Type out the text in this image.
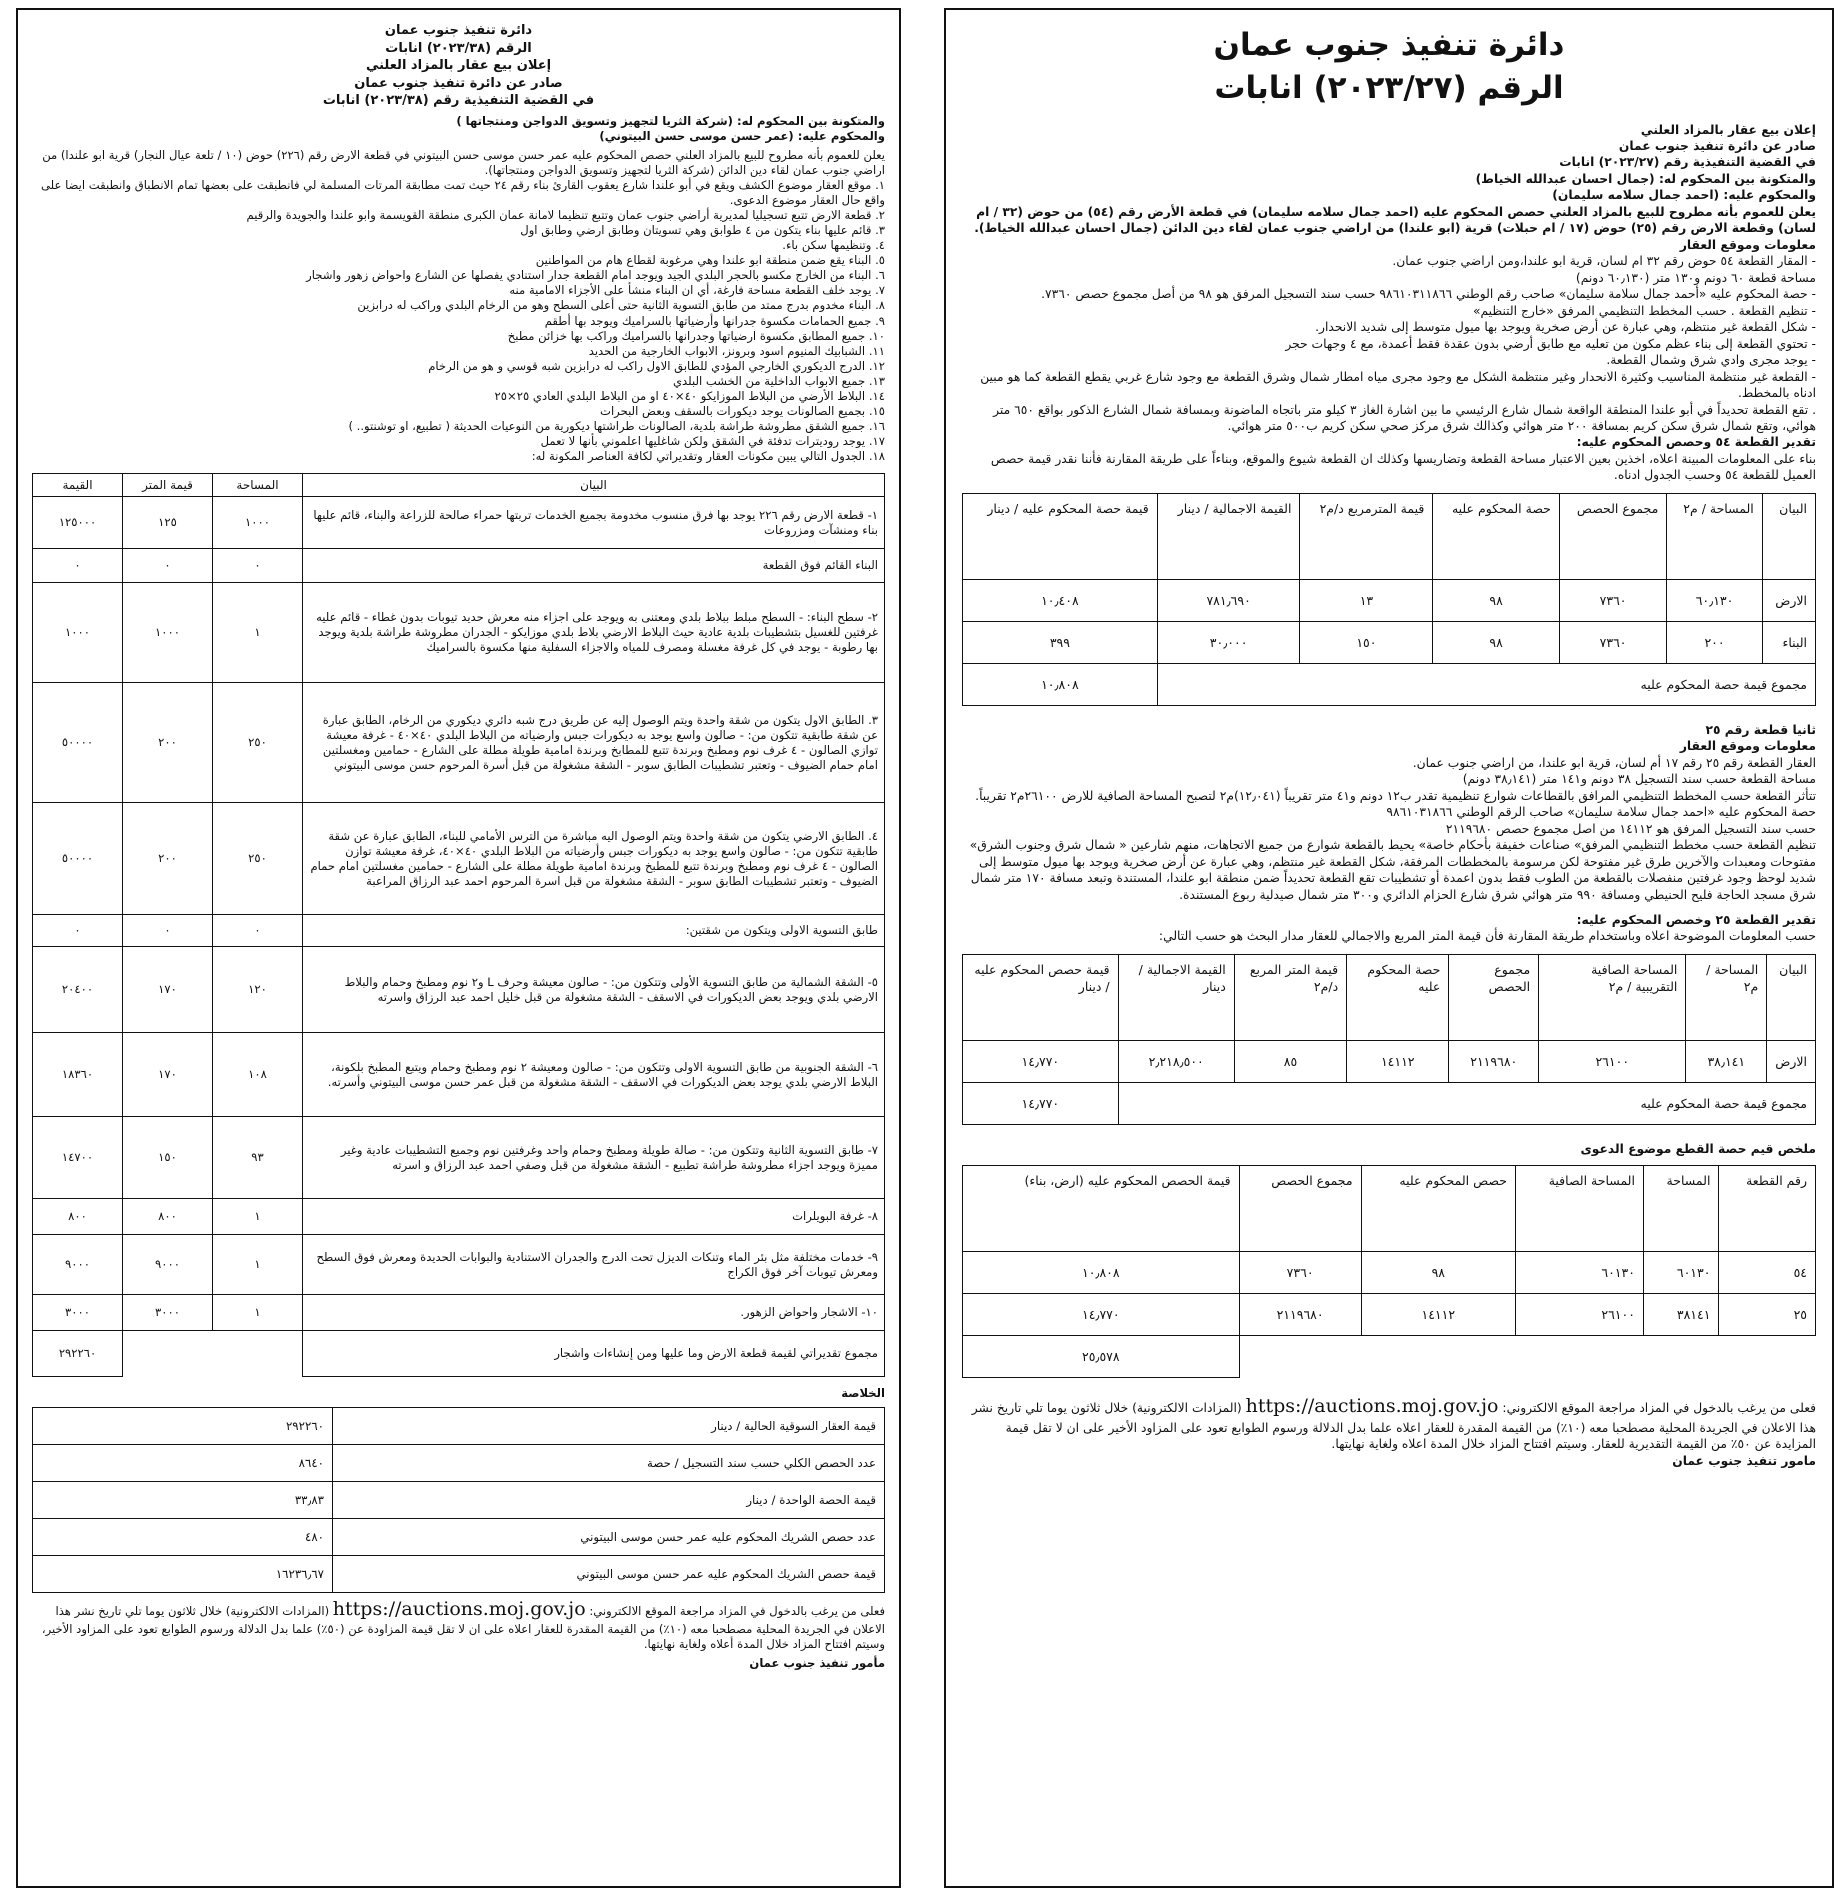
دائرة تنفيذ جنوب عمان
الرقم (٢٠٢٣/٢٧) انابات
إعلان بيع عقار بالمزاد العلني
صادر عن دائرة تنفيذ جنوب عمان
في القضية التنفيذية رقم (٢٠٢٣/٢٧) انابات
والمتكونة بين المحكوم له: (جمال احسان عبدالله الخياط)
والمحكوم عليه: (احمد جمال سلامه سليمان)
يعلن للعموم بأنه مطروح للبيع بالمزاد العلني حصص المحكوم عليه (احمد جمال سلامه سليمان) في قطعة الأرض رقم (٥٤) من حوض (٣٢ / ام لسان) وقطعة الارض رقم (٢٥) حوض (١٧ / ام حبلات) قرية (ابو علندا) من اراضي جنوب عمان لقاء دين الدائن (جمال احسان عبدالله الخياط).
معلومات وموقع العقار
- المقار القطعة ٥٤ حوض رقم ٣٢ ام لسان، قرية ابو علندا،ومن اراضي جنوب عمان.
مساحة قطعة ٦٠ دونم و١٣٠ متر (٦٠٫١٣٠ دونم)
- حصة المحكوم عليه «أحمد جمال سلامة سليمان» صاحب رقم الوطني ٩٨٦١٠٣١١٨٦٦ حسب سند التسجيل المرفق هو ٩٨ من أصل مجموع حصص ٧٣٦٠.
- تنظيم القطعة . حسب المخطط التنظيمي المرفق «خارج التنظيم»
- شكل القطعة غير منتظم، وهي عبارة عن أرض صخرية ويوجد بها ميول متوسط إلى شديد الانحدار.
- تحتوي القطعة إلى بناء عظم مكون من تعليه مع طابق أرضي بدون عقدة فقط أعمدة، مع ٤ وجهات حجر
- يوجد مجرى وادي شرق وشمال القطعة.
- القطعة غير منتظمة المناسيب وكثيرة الانحدار وغير منتظمة الشكل مع وجود مجرى مياه امطار شمال وشرق القطعة مع وجود شارع غربي يقطع القطعة كما هو مبين ادناه بالمخطط.
. تقع القطعة تحديداً في أبو علندا المنطقة الواقعة شمال شارع الرئيسي ما بين اشارة الغاز ٣ كيلو متر باتجاه الماضونة وبمسافة شمال الشارع الذكور بواقع ٦٥٠ متر هوائي، وتقع شمال شرق سكن كريم بمسافة ٢٠٠ متر هوائي وكذالك شرق مركز صحي سكن كريم ب٥٠٠ متر هوائي.
تقدير القطعة ٥٤ وحصص المحكوم عليه:
بناء على المعلومات المبينة اعلاه، اخذين بعين الاعتبار مساحة القطعة وتضاريسها وكذلك ان القطعة شيوع والموقع، وبناءاً على طريقة المقارنة فأننا نقدر قيمة حصص العميل للقطعة ٥٤ وحسب الجدول ادناه.
البيان	المساحة / م٢	مجموع الحصص	حصة المحكوم عليه	قيمة المترمربع د/م٢	القيمة الاجمالية / دينار	قيمة حصة المحكوم عليه / دينار
الارض	٦٠٫١٣٠	٧٣٦٠	٩٨	١٣	٧٨١٫٦٩٠	١٠٫٤٠٨
البناء	٢٠٠	٧٣٦٠	٩٨	١٥٠	٣٠٫٠٠٠	٣٩٩
مجموع قيمة حصة المحكوم عليه						١٠٫٨٠٨
ثانيا قطعة رقم ٢٥
معلومات وموقع العقار
العقار القطعة رقم ٢٥ رقم ١٧ أم لسان، قرية ابو علندا، من اراضي جنوب عمان.
مساحة القطعة حسب سند التسجيل ٣٨ دونم و١٤١ متر (٣٨٫١٤١ دونم)
تتأثر القطعة حسب المخطط التنظيمي المرافق بالقطاعات شوارع تنظيمية تقدر ب١٢ دونم و٤١ متر تقريباً (١٢٫٠٤١)م٢ لتصبح المساحة الصافية للارض ٢٦١٠٠م٢ تقريباً.
حصة المحكوم عليه «احمد جمال سلامة سليمان» صاحب الرقم الوطني ٩٨٦١٠٣١٨٦٦
حسب سند التسجيل المرفق هو ١٤١١٢ من اصل مجموع حصص ٢١١٩٦٨٠
تنظيم القطعة حسب مخطط التنظيمي المرفق» صناعات خفيفة بأحكام خاصة» يحيط بالقطعة شوارع من جميع الاتجاهات، منهم شارعين « شمال شرق وجنوب الشرق» مفتوحات ومعبدات والآخرين طرق غير مفتوحة لكن مرسومة بالمخططات المرفقة، شكل القطعة غير منتظم، وهي عبارة عن أرض صخرية ويوجد بها ميول متوسط إلى شديد لوحظ وجود غرفتين منفصلات بالقطعة من الطوب فقط بدون اعمدة أو تشطيبات تقع القطعة تحديداً ضمن منطقة ابو علندا، المستندة وتبعد مسافة ١٧٠ متر شمال شرق مسجد الحاجة فليح الحنيطي ومسافة ٩٩٠ متر هوائي شرق شارع الحزام الدائري و٣٠٠ متر شمال صيدلية ربوع المستندة.
تقدير القطعة ٢٥ وخصص المحكوم عليه:
حسب المعلومات الموضوحة اعلاه وباستخدام طريقة المقارنة فأن قيمة المتر المربع والاجمالي للعقار مدار البحث هو حسب التالي:
البيان	المساحة / م٢	المساحة الصافية التقريبية / م٢	مجموع الحصص	حصة المحكوم عليه	قيمة المتر المربع د/م٢	القيمة الاجمالية / دينار	قيمة حصص المحكوم عليه / دينار
الارض	٣٨٫١٤١	٢٦١٠٠	٢١١٩٦٨٠	١٤١١٢	٨٥	٢٫٢١٨٫٥٠٠	١٤٫٧٧٠
مجموع قيمة حصة المحكوم عليه							١٤٫٧٧٠
ملخص قيم حصة القطع موضوع الدعوى
رقم القطعة	المساحة	المساحة الصافية	حصص المحكوم عليه	مجموع الحصص	قيمة الحصص المحكوم عليه (ارض، بناء)
٥٤	٦٠١٣٠	٦٠١٣٠	٩٨	٧٣٦٠	١٠٫٨٠٨
٢٥	٣٨١٤١	٢٦١٠٠	١٤١١٢	٢١١٩٦٨٠	١٤٫٧٧٠
					٢٥٫٥٧٨
فعلى من يرغب بالدخول في المزاد مراجعة الموقع الالكتروني: https://auctions.moj.gov.jo (المزادات الالكترونية) خلال ثلاثون يوما تلي تاريخ نشر هذا الاعلان في الجريدة المحلية مصطحبا معه (١٠٪) من القيمة المقدرة للعقار اعلاه علما بدل الدلالة ورسوم الطوابع تعود على المزاود الأخير على ان لا تقل قيمة المزايدة عن ٥٠٪ من القيمة التقديرية للعقار. وسيتم افتتاح المزاد خلال المدة اعلاه ولغاية نهايتها.
مامور تنفيذ جنوب عمان
دائرة تنفيذ جنوب عمان
الرقم (٢٠٢٣/٣٨) انابات
إعلان بيع عقار بالمزاد العلني
صادر عن دائرة تنفيذ جنوب عمان
في القضية التنفيذية رقم (٢٠٢٣/٣٨) انابات
والمتكونة بين المحكوم له: (شركة الثريا لتجهيز وتسويق الدواجن ومنتجاتها )
والمحكوم عليه: (عمر حسن موسى حسن البيتوني)
يعلن للعموم بأنه مطروح للبيع بالمزاد العلني حصص المحكوم عليه عمر حسن موسى حسن البيتوني في قطعة الارض رقم (٢٢٦) حوض (١٠ / تلعة عيال النجار) قرية ابو علندا) من اراضي جنوب عمان لقاء دين الدائن (شركة الثريا لتجهيز وتسويق الدواجن ومنتجاتها).
١. موقع العقار موضوع الكشف ويقع في أبو علندا شارع يعقوب القارئ بناء رقم ٢٤ حيث تمت مطابقة المرتات المسلمة لي فانطبقت على بعضها تمام الانطباق وانطبقت ايضا على واقع حال العقار موضوع الدعوى.
٢. قطعة الارض تتبع تسجيليا لمديرية أراضي جنوب عمان وتتبع تنظيما لامانة عمان الكبرى منطقة القويسمة وابو علندا والجويدة والرقيم
٣. قائم عليها بناء يتكون من ٤ طوابق وهي تسويتان وطابق ارضي وطابق اول
٤. وتنظيمها سكن باء.
٥. البناء يقع ضمن منطقة ابو علندا وهي مرغوبة لقطاع هام من المواطنين
٦. البناء من الخارج مكسو بالحجر البلدي الجيد ويوجد امام القطعة جدار استنادي يفصلها عن الشارع واحواض زهور واشجار
٧. يوجد خلف القطعة مساحة فارغة، أي ان البناء منشأ على الأجزاء الامامية منه
٨. البناء مخدوم بدرج ممتد من طابق التسوية الثانية حتى أعلى السطح وهو من الرخام البلدي وراكب له درابزين
٩. جميع الحمامات مكسوة جدرانها وأرضياتها بالسراميك ويوجد بها أطقم
١٠. جميع المطابق مكسوة ارضياتها وجدرانها بالسراميك وراكب بها خزائن مطبخ
١١. الشبابيك المنيوم اسود وبرونز، الابواب الخارجية من الحديد
١٢. الدرج الديكوري الخارجي المؤدي للطابق الاول راكب له درابزين شبه قوسي و هو من الرخام
١٣. جميع الابواب الداخلية من الخشب البلدي
١٤. البلاط الأرضي من البلاط الموزايكو ٤٠×٤٠ او من البلاط البلدي العادي ٢٥×٢٥
١٥. بجميع الصالونات يوجد ديكورات بالسقف وبعض البحرات
١٦. جميع الشقق مطروشة طراشة بلدية، الصالونات طراشتها ديكورية من النوعيات الحديثة ( تطبيع، او توشنتو.. )
١٧. يوجد روديترات تدفئة في الشقق ولكن شاغليها اعلموني بأنها لا تعمل
١٨. الجدول التالي يبين مكونات العقار وتقديراتي لكافة العناصر المكونة له:
البيان	المساحة	قيمة المتر	القيمة
١- قطعة الارض رقم ٢٢٦ يوجد بها فرق منسوب مخدومة بجميع الخدمات تربتها حمراء صالحة للزراعة والبناء، قائم عليها بناء ومنشآت ومزروعات	١٠٠٠	١٢٥	١٢٥٠٠٠
البناء القائم فوق القطعة	٠	٠	٠
٢- سطح البناء: - السطح مبلط ببلاط بلدي ومعتنى به ويوجد على اجزاء منه معرش حديد تيوبات بدون غطاء - قائم عليه غرفتين للغسيل بتشطيبات بلدية عادية حيث البلاط الارضي بلاط بلدي موزايكو - الجدران مطروشة طراشة بلدية ويوجد بها رطوبة - يوجد في كل غرفة مغسلة ومصرف للمياه والاجزاء السفلية منها مكسوة بالسراميك	١	١٠٠٠	١٠٠٠
٣. الطابق الاول يتكون من شقة واحدة ويتم الوصول إليه عن طريق درج شبه دائري ديكوري من الرخام، الطابق عبارة عن شقة طابقية تتكون من: - صالون واسع يوجد به ديكورات جبس وارضياته من البلاط البلدي ٤٠×٤٠ - غرفة معيشة توازي الصالون - ٤ غرف نوم ومطبخ وبرندة تتبع للمطابخ وبرندة امامية طويلة مطلة على الشارع - حمامين ومغسلتين امام حمام الضيوف - وتعتبر تشطيبات الطابق سوبر - الشقة مشغولة من قبل أسرة المرحوم حسن موسى البيتوني	٢٥٠	٢٠٠	٥٠٠٠٠
٤. الطابق الارضي يتكون من شقة واحدة ويتم الوصول اليه مباشرة من الترس الأمامي للبناء، الطابق عبارة عن شقة طابقية تتكون من: - صالون واسع يوجد به ديكورات جبس وأرضياته من البلاط البلدي ٤٠×٤٠، غرفة معيشة توازن الصالون - ٤ غرف نوم ومطبخ وبرندة تتبع للمطبخ وبرندة امامية طويلة مطلة على الشارع - حمامين مغسلتين امام حمام الضيوف - وتعتبر تشطيبات الطابق سوبر - الشقة مشغولة من قبل اسرة المرحوم احمد عبد الرزاق المراعبة	٢٥٠	٢٠٠	٥٠٠٠٠
طابق التسوية الاولى ويتكون من شقتين:	٠	٠	٠
٥- الشقة الشمالية من طابق التسوية الأولى وتتكون من: - صالون معيشة وحرف L و٢ نوم ومطبخ وحمام والبلاط الارضي بلدي ويوجد بعض الديكورات في الاسقف - الشقة مشغولة من قبل خليل احمد عبد الرزاق واسرته	١٢٠	١٧٠	٢٠٤٠٠
٦- الشقة الجنوبية من طابق التسوية الاولى وتتكون من: - صالون ومعيشة ٢ نوم ومطبخ وحمام ويتبع المطبخ بلكونة، البلاط الارضي بلدي يوجد بعض الديكورات في الاسقف - الشقة مشغولة من قبل عمر حسن موسى البيتوني وأسرته.	١٠٨	١٧٠	١٨٣٦٠
٧- طابق التسوية الثانية وتتكون من: - صالة طويلة ومطبخ وحمام واحد وغرفتين نوم وجميع التشطيبات عادية وغير مميزة ويوجد اجزاء مطروشة طراشة تطبيع - الشقة مشغولة من قبل وصفي احمد عبد الرزاق و اسرته	٩٣	١٥٠	١٤٧٠٠
٨- غرفة البويلرات	١	٨٠٠	٨٠٠
٩- خدمات مختلفة مثل بئر الماء وتنكات الديزل تحت الدرج والجدران الاستنادية والبوابات الحديدة ومعرش فوق السطح ومعرش تيوبات آخر فوق الكراج	١	٩٠٠٠	٩٠٠٠
١٠- الاشجار واحواض الزهور.	١	٣٠٠٠	٣٠٠٠
مجموع تقديراتي لقيمة قطعة الارض وما عليها ومن إنشاءات واشجار			٢٩٢٢٦٠
الخلاصة
قيمة العقار السوقية الحالية / دينار	٢٩٢٢٦٠
عدد الحصص الكلي حسب سند التسجيل / حصة	٨٦٤٠
قيمة الحصة الواحدة / دينار	٣٣٫٨٣
عدد حصص الشريك المحكوم عليه عمر حسن موسى البيتوني	٤٨٠
قيمة حصص الشريك المحكوم عليه عمر حسن موسى البيتوني	١٦٢٣٦٫٦٧
فعلى من يرغب بالدخول في المزاد مراجعة الموقع الالكتروني: https://auctions.moj.gov.jo (المزادات الالكترونية) خلال ثلاثون يوما تلي تاريخ نشر هذا الاعلان في الجريدة المحلية مصطحبا معه (١٠٪) من القيمة المقدرة للعقار اعلاه على ان لا تقل قيمة المزاودة عن (٥٠٪) علما بدل الدلالة ورسوم الطوابع تعود على المزاود الأخير، وسيتم افتتاح المزاد خلال المدة أعلاه ولغاية نهايتها.
مأمور تنفيذ جنوب عمان
